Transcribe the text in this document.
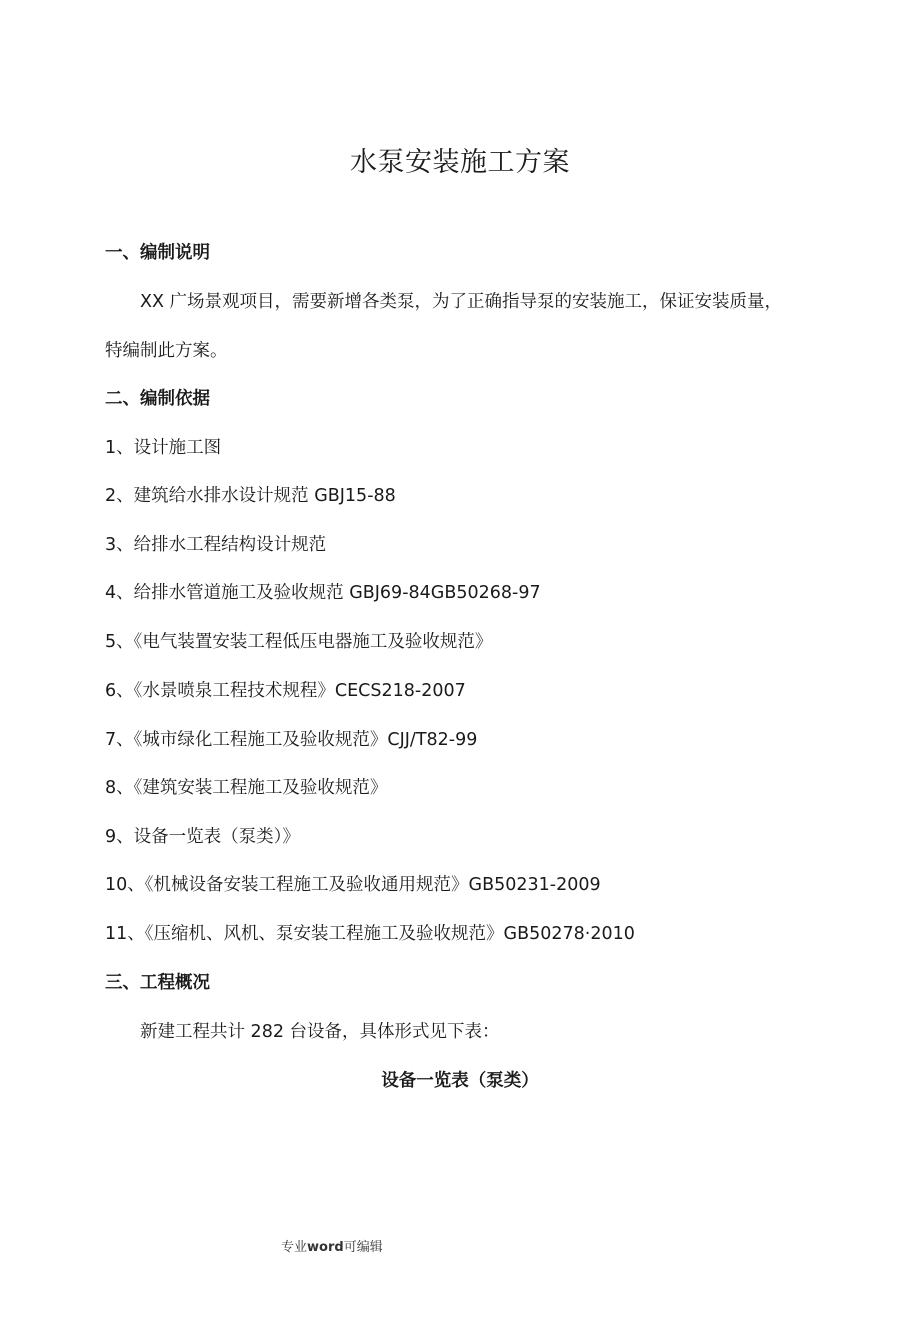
水泵安装施工方案
一、编制说明
XX 广场景观项目，需要新增各类泵，为了正确指导泵的安装施工，保证安装质量，
特编制此方案。
二、编制依据
1、设计施工图
2、建筑给水排水设计规范 GBJ15-88
3、给排水工程结构设计规范
4、给排水管道施工及验收规范 GBJ69-84GB50268-97
5、《电气装置安装工程低压电器施工及验收规范》
6、《水景喷泉工程技术规程》CECS218-2007
7、《城市绿化工程施工及验收规范》CJJ/T82-99
8、《建筑安装工程施工及验收规范》
9、设备一览表（泵类）》
10、《机械设备安装工程施工及验收通用规范》GB50231-2009
11、《压缩机、风机、泵安装工程施工及验收规范》GB50278·2010
三、工程概况
新建工程共计 282 台设备，具体形式见下表：
设备一览表（泵类）
专业word可编辑
